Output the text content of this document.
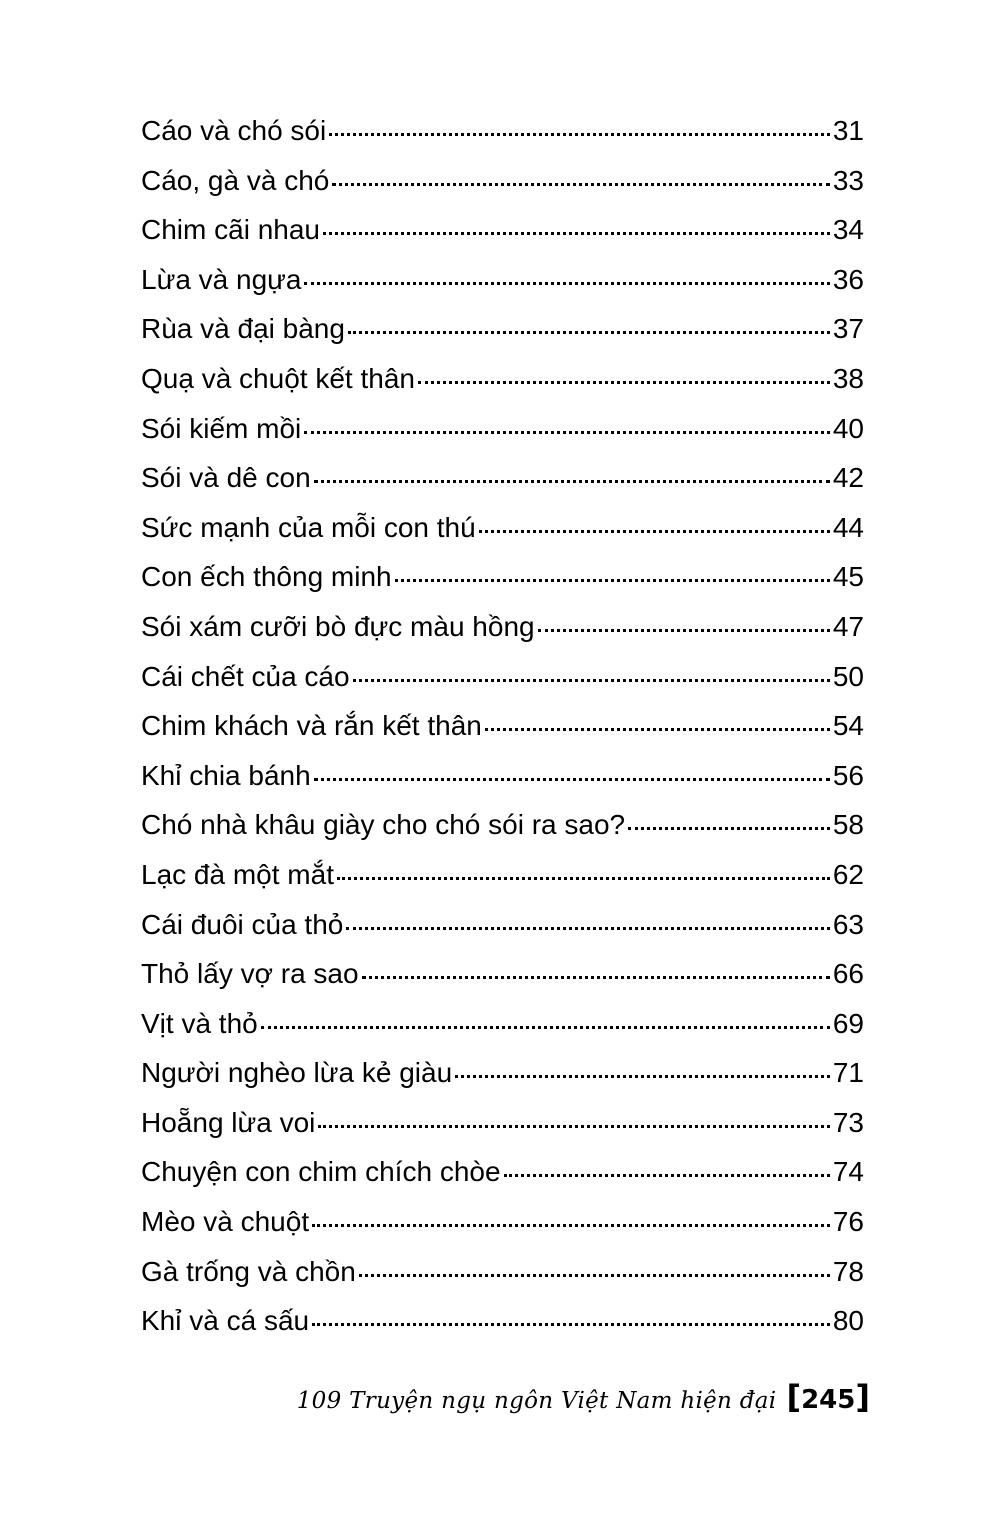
Cáo và chó sói	31
Cáo, gà và chó	33
Chim cãi nhau	34
Lừa và ngựa	36
Rùa và đại bàng	37
Quạ và chuột kết thân	38
Sói kiếm mồi	40
Sói và dê con	42
Sức mạnh của mỗi con thú	44
Con ếch thông minh	45
Sói xám cưỡi bò đực màu hồng	47
Cái chết của cáo	50
Chim khách và rắn kết thân	54
Khỉ chia bánh	56
Chó nhà khâu giày cho chó sói ra sao?	58
Lạc đà một mắt	62
Cái đuôi của thỏ	63
Thỏ lấy vợ ra sao	66
Vịt và thỏ	69
Người nghèo lừa kẻ giàu	71
Hoẵng lừa voi	73
Chuyện con chim chích chòe	74
Mèo và chuột	76
Gà trống và chồn	78
Khỉ và cá sấu	80
109 Truyện ngụ ngôn Việt Nam hiện đại [245]
